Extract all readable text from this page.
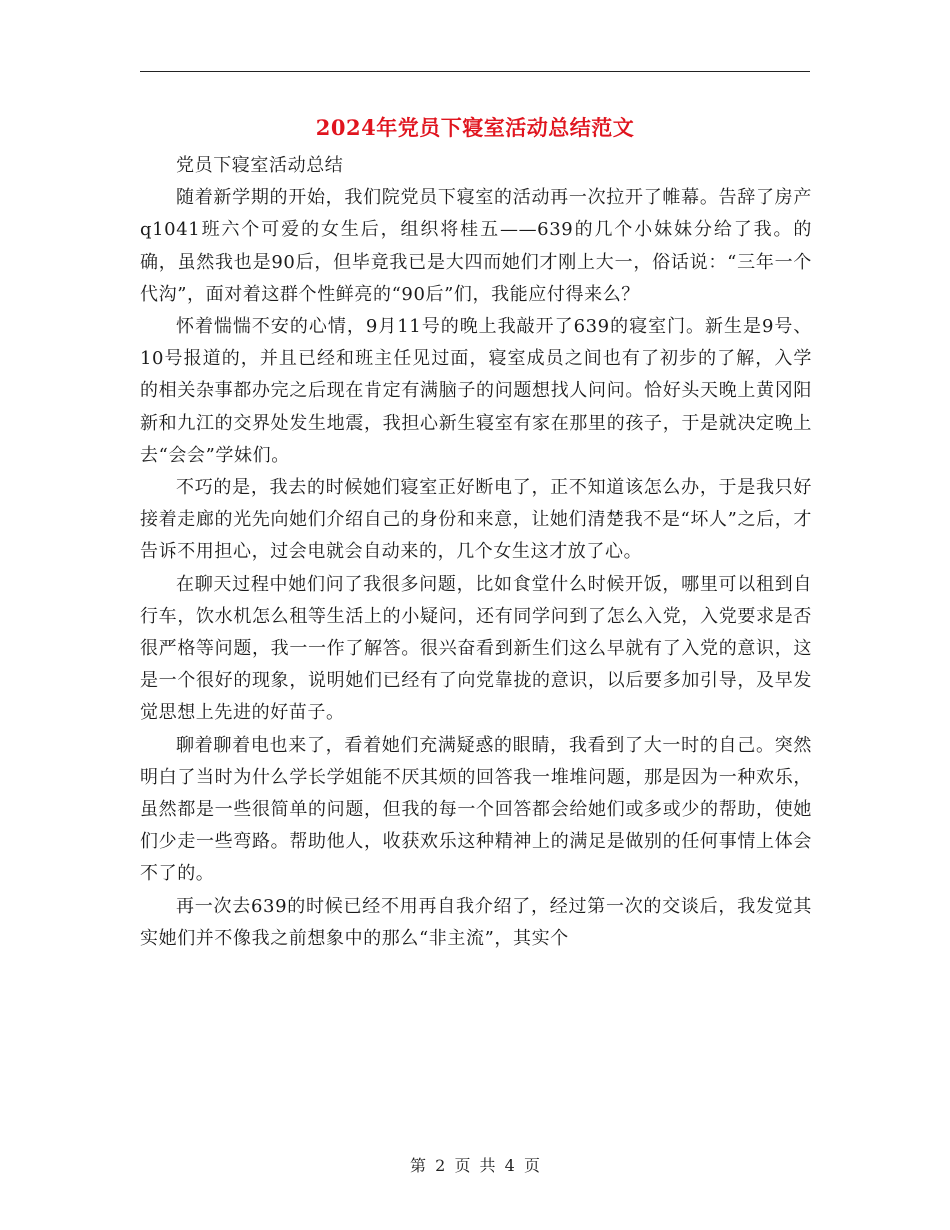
2024年党员下寝室活动总结范文

党员下寝室活动总结

随着新学期的开始，我们院党员下寝室的活动再一次拉开了帷幕。告辞了房产q1041班六个可爱的女生后，组织将桂五——639的几个小妹妹分给了我。的确，虽然我也是90后，但毕竟我已是大四而她们才刚上大一，俗话说：“三年一个代沟”，面对着这群个性鲜亮的“90后”们，我能应付得来么？

怀着惴惴不安的心情，9月11号的晚上我敲开了639的寝室门。新生是9号、10号报道的，并且已经和班主任见过面，寝室成员之间也有了初步的了解，入学的相关杂事都办完之后现在肯定有满脑子的问题想找人问问。恰好头天晚上黄冈阳新和九江的交界处发生地震，我担心新生寝室有家在那里的孩子，于是就决定晚上去“会会”学妹们。

不巧的是，我去的时候她们寝室正好断电了，正不知道该怎么办，于是我只好接着走廊的光先向她们介绍自己的身份和来意，让她们清楚我不是“坏人”之后，才告诉不用担心，过会电就会自动来的，几个女生这才放了心。

在聊天过程中她们问了我很多问题，比如食堂什么时候开饭，哪里可以租到自行车，饮水机怎么租等生活上的小疑问，还有同学问到了怎么入党，入党要求是否很严格等问题，我一一作了解答。很兴奋看到新生们这么早就有了入党的意识，这是一个很好的现象，说明她们已经有了向党靠拢的意识，以后要多加引导，及早发觉思想上先进的好苗子。

聊着聊着电也来了，看着她们充满疑惑的眼睛，我看到了大一时的自己。突然明白了当时为什么学长学姐能不厌其烦的回答我一堆堆问题，那是因为一种欢乐，虽然都是一些很简单的问题，但我的每一个回答都会给她们或多或少的帮助，使她们少走一些弯路。帮助他人，收获欢乐这种精神上的满足是做别的任何事情上体会不了的。

再一次去639的时候已经不用再自我介绍了，经过第一次的交谈后，我发觉其实她们并不像我之前想象中的那么“非主流”，其实个

第 2 页 共 4 页
